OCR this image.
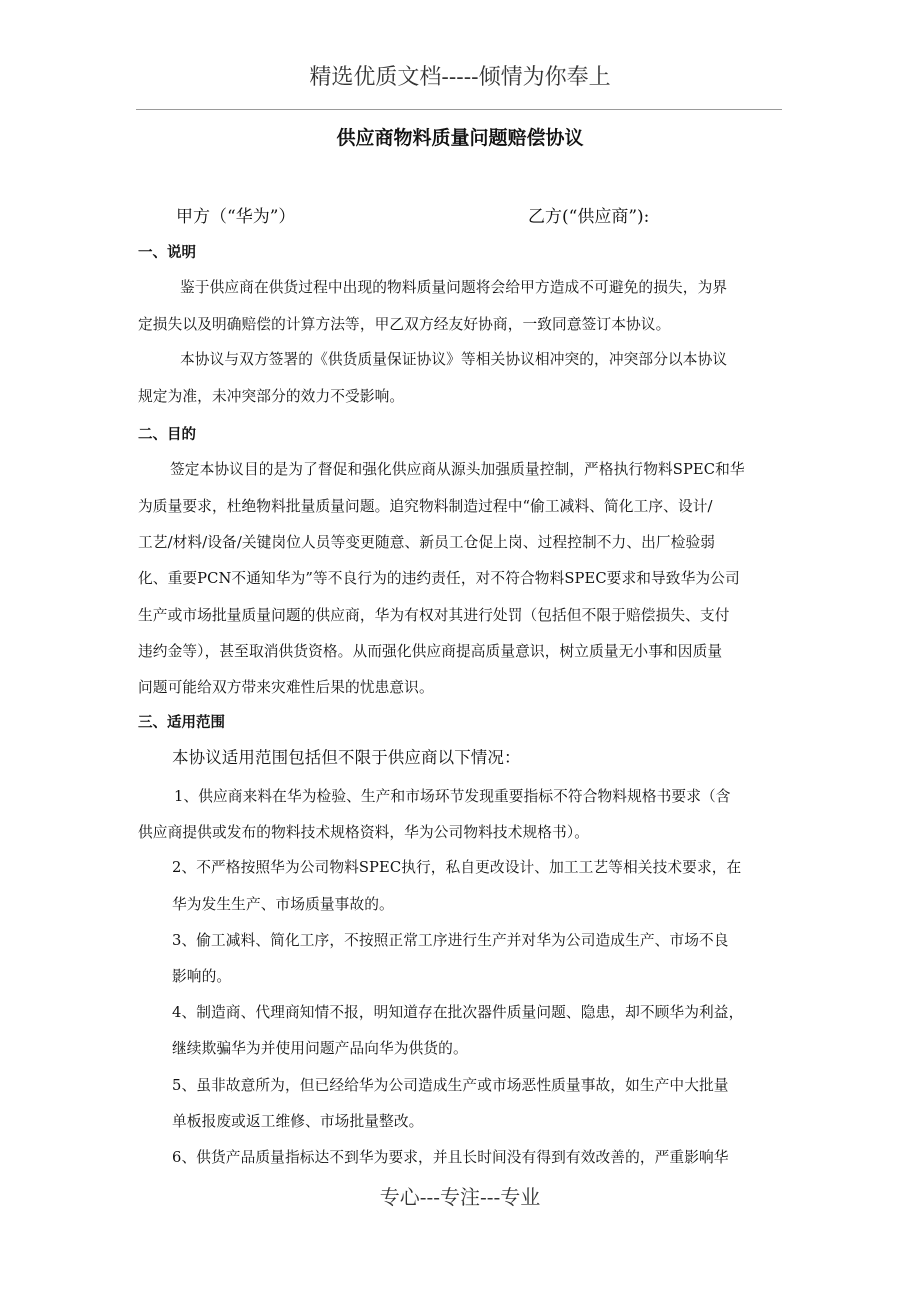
精选优质文档-----倾情为你奉上
供应商物料质量问题赔偿协议
甲方（“华为”）	乙方(“供应商”):
一、说明

鉴于供应商在供货过程中出现的物料质量问题将会给甲方造成不可避免的损失，为界

定损失以及明确赔偿的计算方法等，甲乙双方经友好协商，一致同意签订本协议。

本协议与双方签署的《供货质量保证协议》等相关协议相冲突的，冲突部分以本协议

规定为准，未冲突部分的效力不受影响。

二、目的

签定本协议目的是为了督促和强化供应商从源头加强质量控制，严格执行物料SPEC和华

为质量要求，杜绝物料批量质量问题。追究物料制造过程中“偷工减料、简化工序、设计/

工艺/材料/设备/关键岗位人员等变更随意、新员工仓促上岗、过程控制不力、出厂检验弱

化、重要PCN不通知华为”等不良行为的违约责任，对不符合物料SPEC要求和导致华为公司

生产或市场批量质量问题的供应商，华为有权对其进行处罚（包括但不限于赔偿损失、支付

违约金等），甚至取消供货资格。从而强化供应商提高质量意识，树立质量无小事和因质量

问题可能给双方带来灾难性后果的忧患意识。

三、适用范围

本协议适用范围包括但不限于供应商以下情况：

1、供应商来料在华为检验、生产和市场环节发现重要指标不符合物料规格书要求（含

供应商提供或发布的物料技术规格资料，华为公司物料技术规格书）。

2、不严格按照华为公司物料SPEC执行，私自更改设计、加工工艺等相关技术要求，在

华为发生生产、市场质量事故的。

3、偷工减料、简化工序，不按照正常工序进行生产并对华为公司造成生产、市场不良

影响的。

4、制造商、代理商知情不报，明知道存在批次器件质量问题、隐患，却不顾华为利益，

继续欺骗华为并使用问题产品向华为供货的。

5、虽非故意所为，但已经给华为公司造成生产或市场恶性质量事故，如生产中大批量

单板报废或返工维修、市场批量整改。

6、供货产品质量指标达不到华为要求，并且长时间没有得到有效改善的，严重影响华

专心---专注---专业
